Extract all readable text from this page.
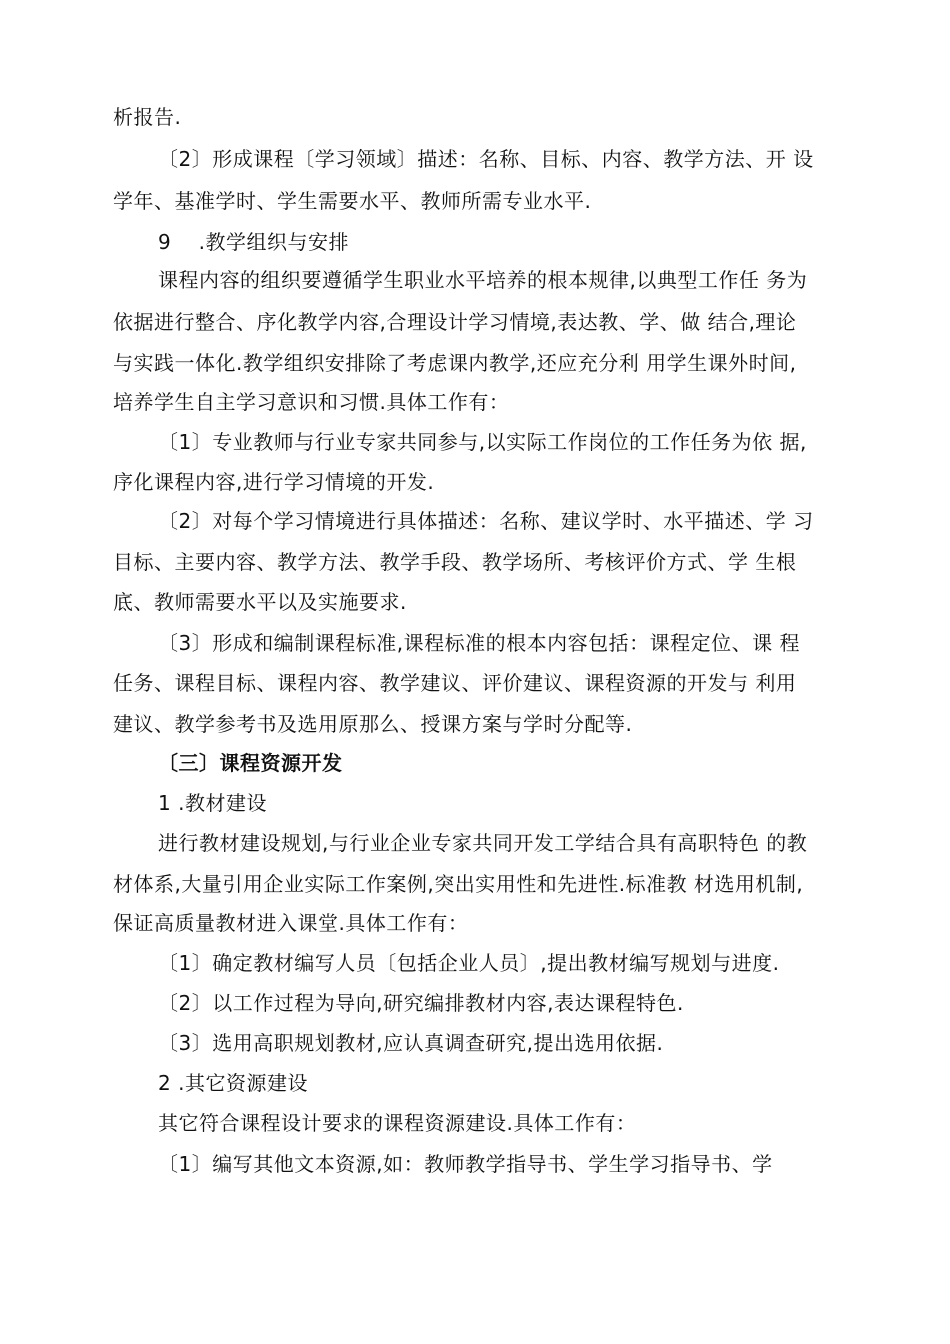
析报告.
〔2〕形成课程〔学习领域〕描述：名称、目标、内容、教学方法、开 设
学年、基准学时、学生需要水平、教师所需专业水平.
9　 .教学组织与安排
课程内容的组织要遵循学生职业水平培养的根本规律,以典型工作任 务为
依据进行整合、序化教学内容,合理设计学习情境,表达教、学、做 结合,理论
与实践一体化.教学组织安排除了考虑课内教学,还应充分利 用学生课外时间,
培养学生自主学习意识和习惯.具体工作有：
〔1〕专业教师与行业专家共同参与,以实际工作岗位的工作任务为依 据,
序化课程内容,进行学习情境的开发.
〔2〕对每个学习情境进行具体描述：名称、建议学时、水平描述、学 习
目标、主要内容、教学方法、教学手段、教学场所、考核评价方式、学 生根
底、教师需要水平以及实施要求.
〔3〕形成和编制课程标准,课程标准的根本内容包括：课程定位、课 程
任务、课程目标、课程内容、教学建议、评价建议、课程资源的开发与 利用
建议、教学参考书及选用原那么、授课方案与学时分配等.
〔三〕课程资源开发
1 .教材建设
进行教材建设规划,与行业企业专家共同开发工学结合具有高职特色 的教
材体系,大量引用企业实际工作案例,突出实用性和先进性.标准教 材选用机制,
保证高质量教材进入课堂.具体工作有：
〔1〕确定教材编写人员〔包括企业人员〕,提出教材编写规划与进度.
〔2〕以工作过程为导向,研究编排教材内容,表达课程特色.
〔3〕选用高职规划教材,应认真调查研究,提出选用依据.
2 .其它资源建设
其它符合课程设计要求的课程资源建设.具体工作有：
〔1〕编写其他文本资源,如：教师教学指导书、学生学习指导书、学
